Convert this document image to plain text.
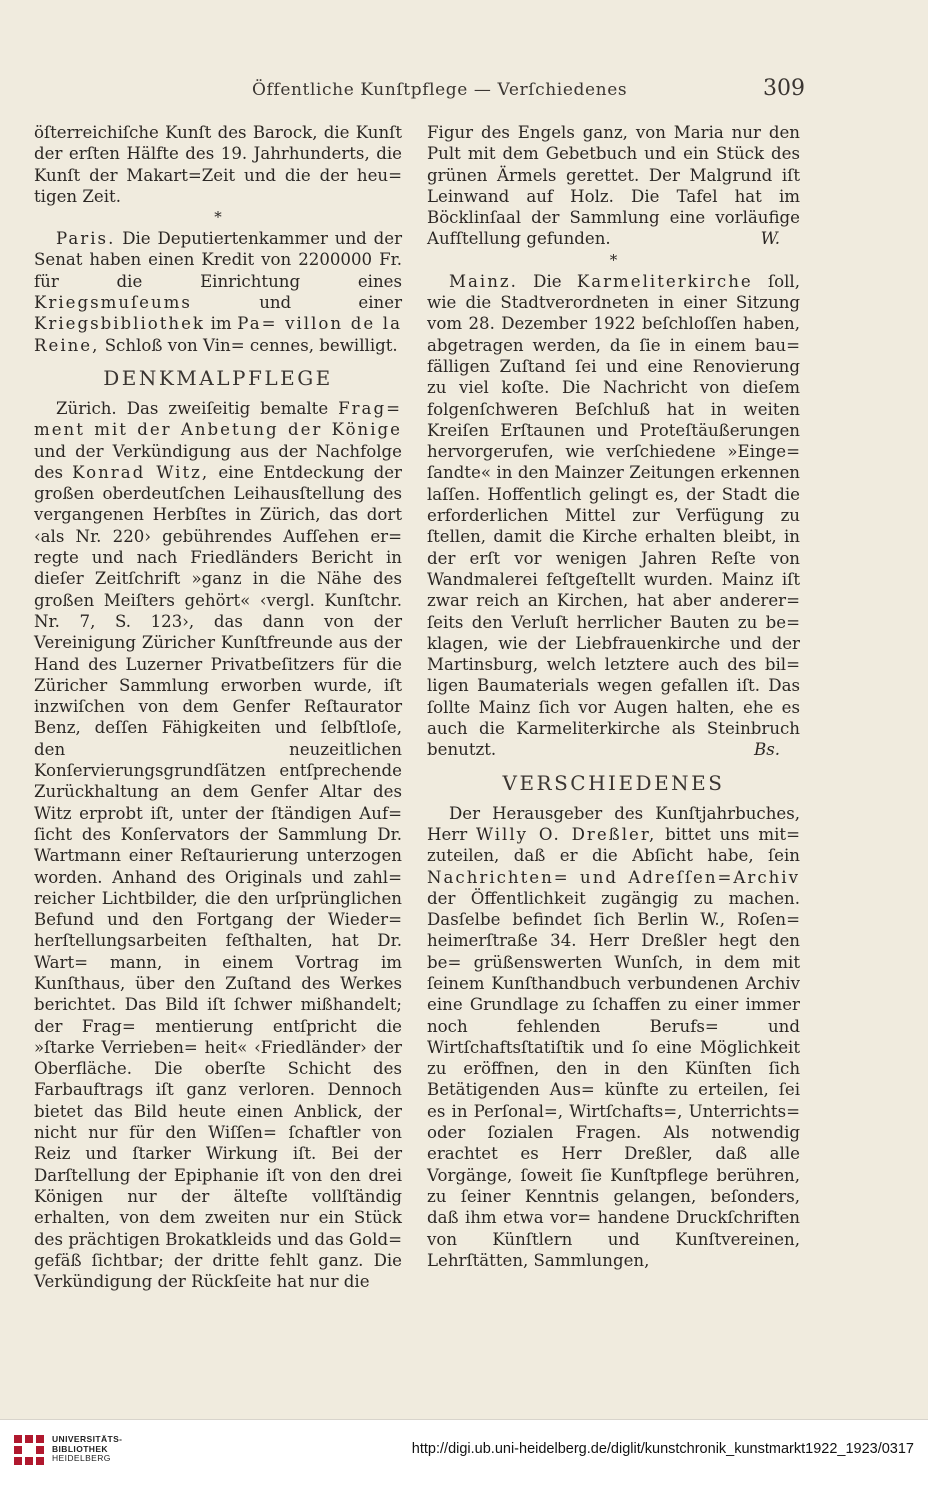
Öffentliche Kunſtpflege — Verſchiedenes	309

öſterreichiſche Kunſt des Barock, die Kunſt der erſten Hälfte des 19. Jahrhunderts, die Kunſt der Makart=Zeit und die der heu= tigen Zeit.

*

Paris. Die Deputiertenkammer und der Senat haben einen Kredit von 2200000 Fr. für die Einrichtung eines Kriegsmuſeums	und einer Kriegsbibliothek im Pa= villon de la Reine, Schloß von Vin= cennes, bewilligt.

DENKMALPFLEGE

Zürich. Das zweiſeitig bemalte Frag= ment mit der Anbetung der Könige und der Verkündigung aus der Nachfolge des Konrad Witz, eine Entdeckung der großen oberdeutſchen Leihausſtellung des vergangenen Herbſtes in Zürich, das dort ‹als Nr. 220› gebührendes Aufſehen er= regte und nach Friedländers Bericht in dieſer Zeitſchrift »ganz in die Nähe des großen Meiſters gehört« ‹vergl. Kunſtchr. Nr. 7, S. 123›, das dann von der Vereinigung Züricher Kunſtfreunde aus der Hand des Luzerner Privatbeſitzers für die Züricher Sammlung erworben wurde, iſt inzwiſchen von dem Genfer Reſtaurator Benz, deſſen Fähigkeiten und ſelbſtloſe, den neuzeitlichen Konſervierungsgrundſätzen entſprechende Zurückhaltung an dem Genfer Altar des Witz erprobt iſt, unter der ſtändigen Auf= ſicht des Konſervators der Sammlung Dr. Wartmann einer Reſtaurierung unterzogen worden. Anhand des Originals und zahl= reicher Lichtbilder, die den urſprünglichen Befund und den Fortgang der Wieder= herſtellungsarbeiten feſthalten, hat Dr. Wart= mann, in einem Vortrag im Kunſthaus, über den Zuſtand des Werkes berichtet. Das Bild iſt ſchwer mißhandelt; der Frag= mentierung entſpricht die »ſtarke Verrieben= heit« ‹Friedländer› der Oberfläche. Die oberſte Schicht des Farbauftrags iſt ganz verloren. Dennoch bietet das Bild heute einen Anblick, der nicht nur für den Wiſſen= ſchaftler von Reiz und ſtarker Wirkung iſt. Bei der Darſtellung der Epiphanie iſt von den drei Königen nur der älteſte vollſtändig erhalten, von dem zweiten nur ein Stück des prächtigen Brokatkleids und das Gold= gefäß ſichtbar; der dritte fehlt ganz. Die Verkündigung der Rückſeite hat nur die

Figur des Engels ganz, von Maria nur den Pult mit dem Gebetbuch und ein Stück des grünen Ärmels gerettet. Der Malgrund iſt Leinwand auf Holz. Die Tafel hat im Böcklinſaal der Sammlung eine vorläufige Aufſtellung gefunden.	W.

*

Mainz. Die Karmeliterkirche ſoll, wie die Stadtverordneten in einer Sitzung vom 28. Dezember 1922 beſchloſſen haben, abgetragen werden, da ſie in einem bau= fälligen Zuſtand ſei und eine Renovierung zu viel koſte. Die Nachricht von dieſem folgenſchweren Beſchluß hat in weiten Kreiſen Erſtaunen und Proteſtäußerungen hervorgerufen, wie verſchiedene »Einge= ſandte« in den Mainzer Zeitungen erkennen laſſen. Hoffentlich gelingt es, der Stadt die erforderlichen Mittel zur Verfügung zu ſtellen, damit die Kirche erhalten bleibt, in der erſt vor wenigen Jahren Reſte von Wandmalerei feſtgeſtellt wurden. Mainz iſt zwar reich an Kirchen, hat aber anderer= ſeits den Verluſt herrlicher Bauten zu be= klagen, wie der Liebfrauenkirche und der Martinsburg, welch letztere auch des bil= ligen Baumaterials wegen gefallen iſt. Das ſollte Mainz ſich vor Augen halten, ehe es auch die Karmeliterkirche als Steinbruch benutzt.	Bs.

VERSCHIEDENES

Der Herausgeber des Kunſtjahrbuches, Herr Willy O. Dreßler, bittet uns mit= zuteilen, daß er die Abſicht habe, ſein Nachrichten= und Adreſſen=Archiv der Öffentlichkeit zugängig zu machen. Dasſelbe befindet ſich Berlin W., Roſen= heimerſtraße 34. Herr Dreßler hegt den be= grüßenswerten Wunſch, in dem mit ſeinem Kunſthandbuch verbundenen Archiv eine Grundlage zu ſchaffen zu einer immer noch fehlenden Berufs= und Wirtſchaftsſtatiſtik und ſo eine Möglichkeit zu eröffnen, den in den Künſten ſich Betätigenden Aus= künfte zu erteilen, ſei es in Perſonal=, Wirtſchafts=, Unterrichts= oder ſozialen Fragen. Als notwendig erachtet es Herr Dreßler, daß alle Vorgänge, ſoweit ſie Kunſtpflege berühren, zu ſeiner Kenntnis gelangen, beſonders, daß ihm etwa vor= handene Druckſchriften von Künſtlern und Kunſtvereinen, Lehrſtätten, Sammlungen,

UNIVERSITÄTS-
BIBLIOTHEK
HEIDELBERG
http://digi.ub.uni-heidelberg.de/diglit/kunstchronik_kunstmarkt1922_1923/0317
